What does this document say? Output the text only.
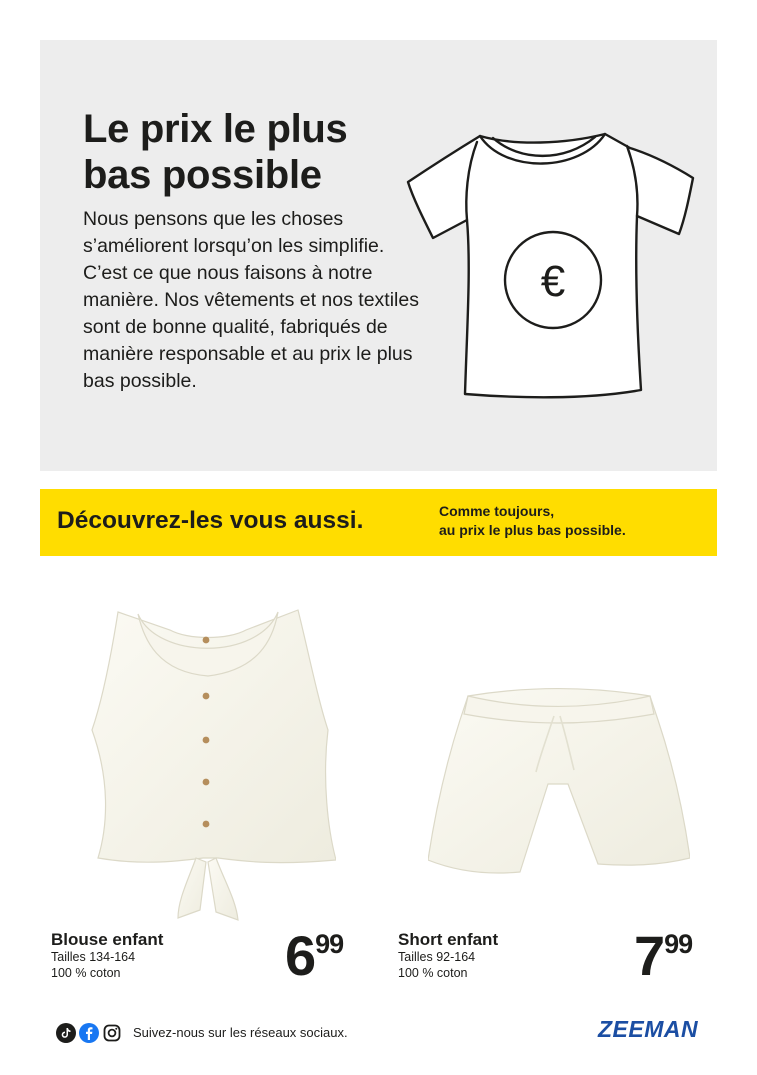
Le prix le plus bas possible
Nous pensons que les choses s’améliorent lorsqu’on les simplifie. C’est ce que nous faisons à notre manière. Nos vêtements et nos textiles sont de bonne qualité, fabriqués de manière responsable et au prix le plus bas possible.
€
Découvrez-les vous aussi.	Comme toujours,
au prix le plus bas possible.
Blouse enfant
Tailles 134-164
100 % coton	699	Short enfant
Tailles 92-164
100 % coton	799
Suivez-nous sur les réseaux sociaux.	ZEEMAN
